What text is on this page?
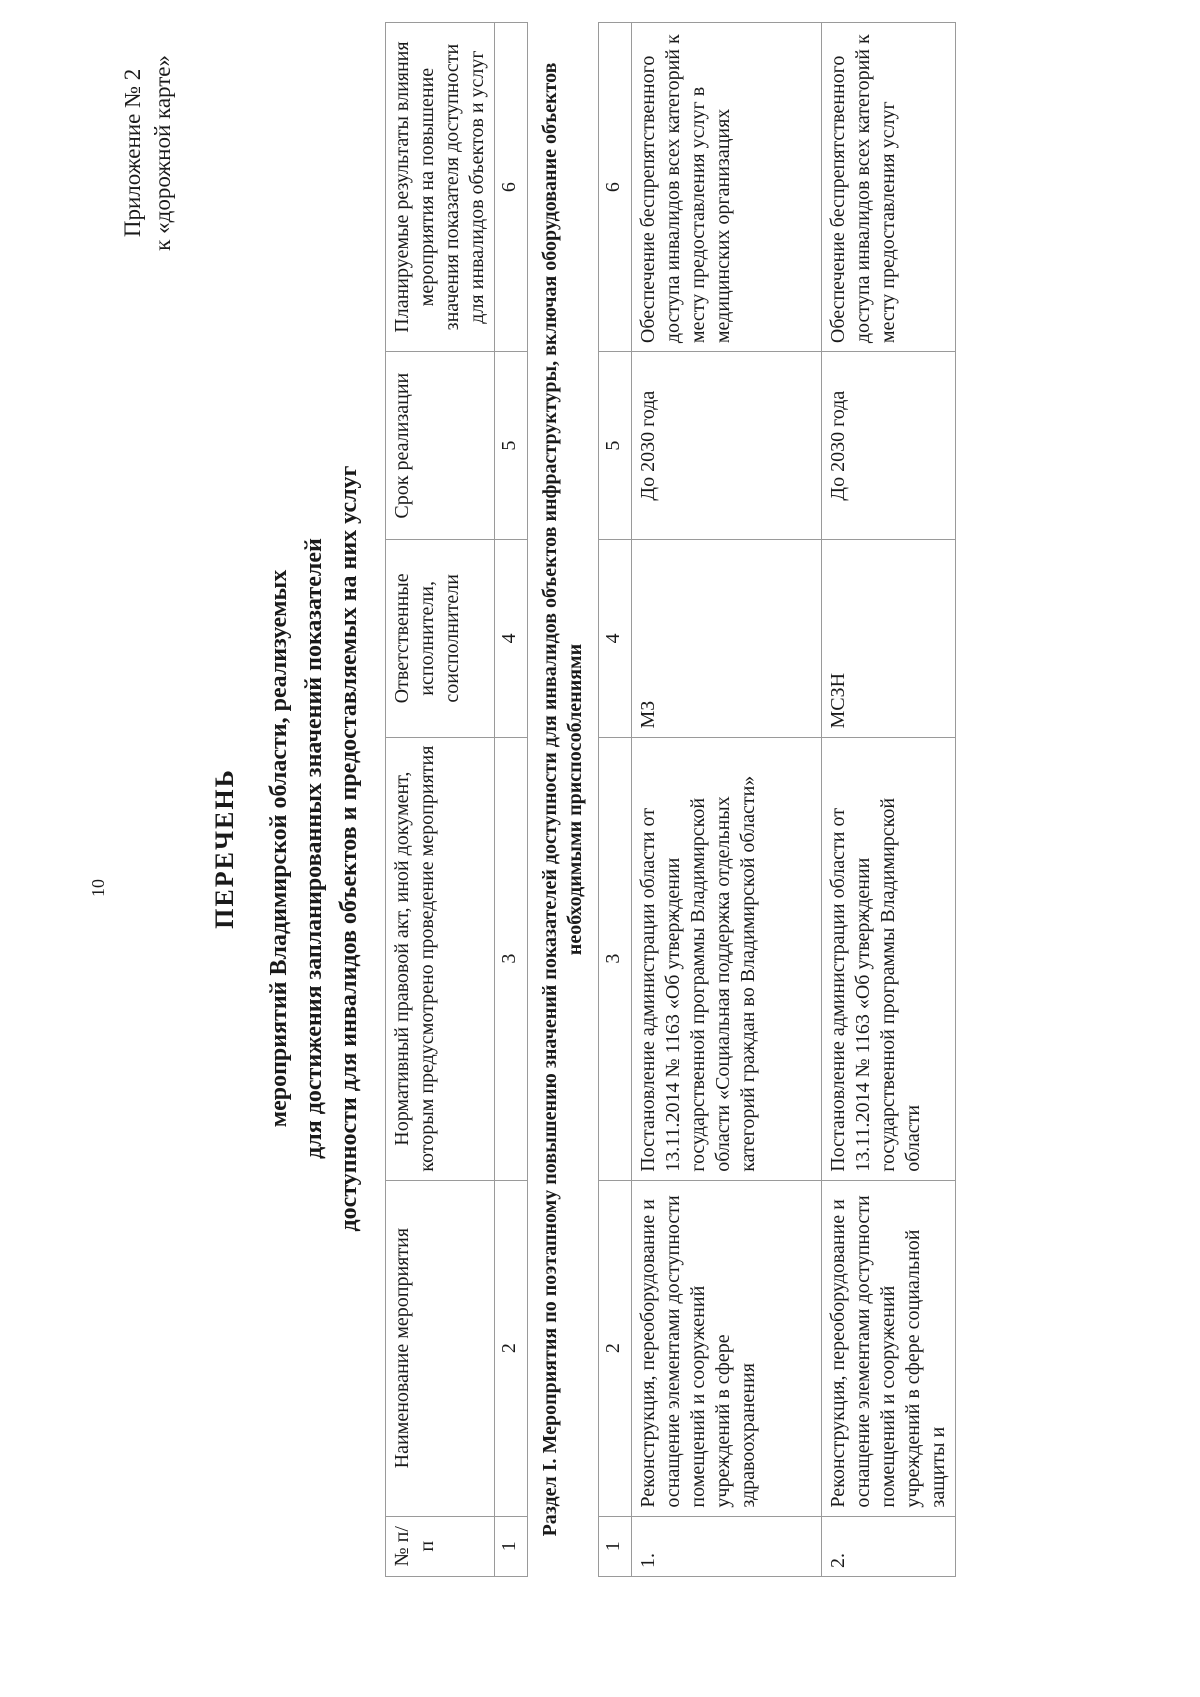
10
Приложение № 2 к «дорожной карте»
ПЕРЕЧЕНЬ мероприятий Владимирской области, реализуемых для достижения запланированных значений показателей доступности для инвалидов объектов и предоставляемых на них услуг
№ п/п	Наименование мероприятия	Нормативный правовой акт, иной документ, которым предусмотрено проведение мероприятия	Ответственные исполнители, соисполнители	Срок реализации	Планируемые результаты влияния мероприятия на повышение значения показателя доступности для инвалидов объектов и услуг
1	2	3	4	5	6
Раздел I. Мероприятия по поэтапному повышению значений показателей доступности для инвалидов объектов инфраструктуры, включая оборудование объектов необходимыми приспособлениями					
1	2	3	4	5	6
1.	Реконструкция, переоборудование и оснащение элементами доступности помещений и сооружений учреждений в сфере здравоохранения	Постановление администрации области от 13.11.2014 № 1163 «Об утверждении государственной программы Владимирской области «Социальная поддержка отдельных категорий граждан во Владимирской области»	МЗ	До 2030 года	Обеспечение беспрепятственного доступа инвалидов всех категорий к месту предоставления услуг в медицинских организациях
2.	Реконструкция, переоборудование и оснащение элементами доступности помещений и сооружений учреждений в сфере социальной защиты и	Постановление администрации области от 13.11.2014 № 1163 «Об утверждении государственной программы Владимирской области	МСЗН	До 2030 года	Обеспечение беспрепятственного доступа инвалидов всех категорий к месту предоставления услуг
